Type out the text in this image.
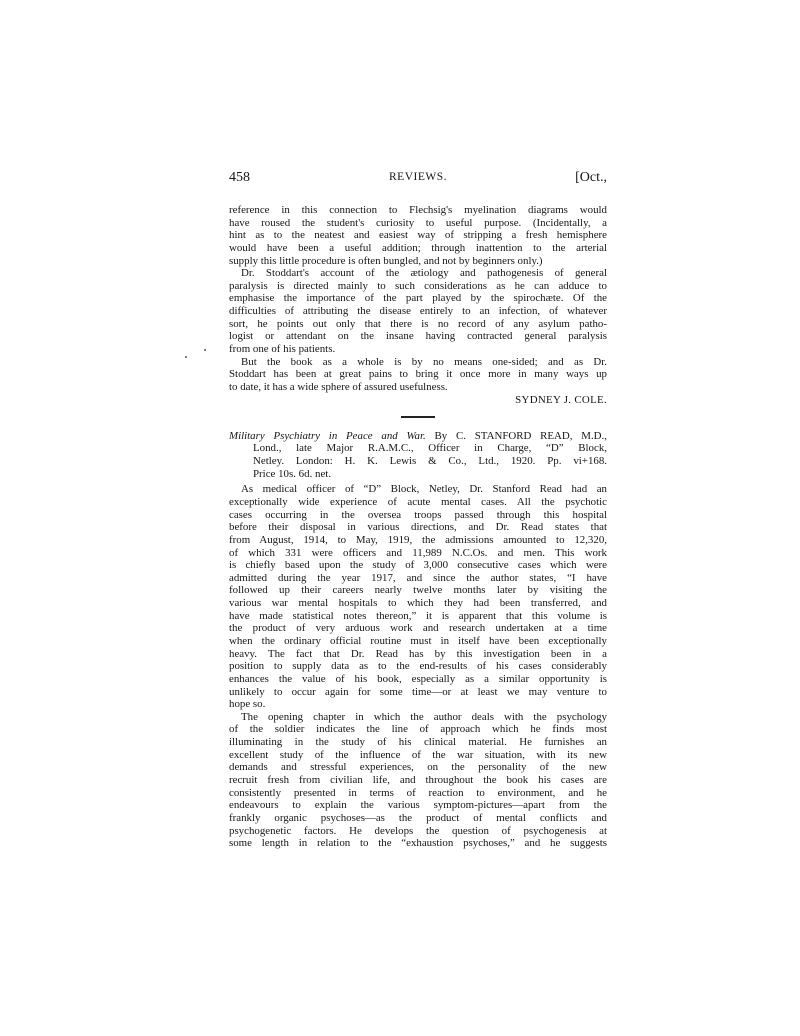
458	REVIEWS.	[Oct.,
reference in this connection to Flechsig's myelination diagrams would
have roused the student's curiosity to useful purpose. (Incidentally, a
hint as to the neatest and easiest way of stripping a fresh hemisphere
would have been a useful addition; through inattention to the arterial
supply this little procedure is often bungled, and not by beginners only.)
Dr. Stoddart's account of the ætiology and pathogenesis of general
paralysis is directed mainly to such considerations as he can adduce to
emphasise the importance of the part played by the spirochæte. Of the
difficulties of attributing the disease entirely to an infection, of whatever
sort, he points out only that there is no record of any asylum patho-
logist or attendant on the insane having contracted general paralysis
from one of his patients.
But the book as a whole is by no means one-sided; and as Dr.
Stoddart has been at great pains to bring it once more in many ways up
to date, it has a wide sphere of assured usefulness.
SYDNEY J. COLE.
Military Psychiatry in Peace and War. By C. STANFORD READ, M.D.,
Lond., late Major R.A.M.C., Officer in Charge, “D” Block,
Netley. London: H. K. Lewis & Co., Ltd., 1920. Pp. vi+168.
Price 10s. 6d. net.
As medical officer of “D” Block, Netley, Dr. Stanford Read had an
exceptionally wide experience of acute mental cases. All the psychotic
cases occurring in the oversea troops passed through this hospital
before their disposal in various directions, and Dr. Read states that
from August, 1914, to May, 1919, the admissions amounted to 12,320,
of which 331 were officers and 11,989 N.C.Os. and men. This work
is chiefly based upon the study of 3,000 consecutive cases which were
admitted during the year 1917, and since the author states, “I have
followed up their careers nearly twelve months later by visiting the
various war mental hospitals to which they had been transferred, and
have made statistical notes thereon,” it is apparent that this volume is
the product of very arduous work and research undertaken at a time
when the ordinary official routine must in itself have been exceptionally
heavy. The fact that Dr. Read has by this investigation been in a
position to supply data as to the end-results of his cases considerably
enhances the value of his book, especially as a similar opportunity is
unlikely to occur again for some time—or at least we may venture to
hope so.
The opening chapter in which the author deals with the psychology
of the soldier indicates the line of approach which he finds most
illuminating in the study of his clinical material. He furnishes an
excellent study of the influence of the war situation, with its new
demands and stressful experiences, on the personality of the new
recruit fresh from civilian life, and throughout the book his cases are
consistently presented in terms of reaction to environment, and he
endeavours to explain the various symptom-pictures—apart from the
frankly organic psychoses—as the product of mental conflicts and
psychogenetic factors. He develops the question of psychogenesis at
some length in relation to the “exhaustion psychoses,” and he suggests
